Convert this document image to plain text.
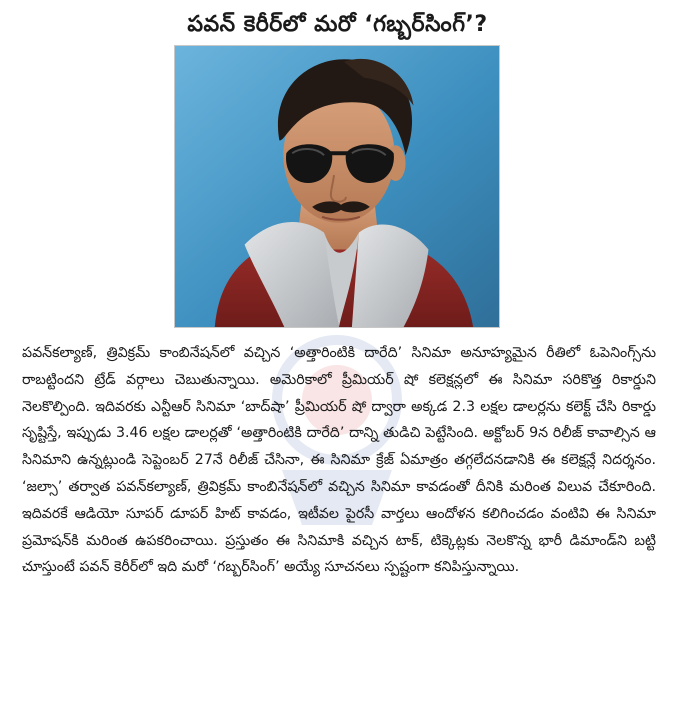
పవన్ కెరీర్‌లో మరో ‘గబ్బర్‌సింగ్’?

పవన్‌కల్యాణ్, త్రివిక్రమ్ కాంబినేషన్‌లో వచ్చిన ‘అత్తారింటికి దారేది’ సినిమా అనూహ్యమైన రీతిలో ఓపెనింగ్స్‌ను రాబట్టిందని ట్రేడ్ వర్గాలు చెబుతున్నాయి. అమెరికాలో ప్రీమియర్ షో కలెక్షన్లలో ఈ సినిమా సరికొత్త రికార్డుని నెలకొల్పింది. ఇదివరకు ఎన్టీఆర్ సినిమా ‘బాద్‌షా’ ప్రీమియర్ షో ద్వారా అక్కడ 2.3 లక్షల డాలర్లను కలెక్ట్ చేసి రికార్డు సృష్టిస్తే, ఇప్పుడు 3.46 లక్షల డాలర్లతో ‘అత్తారింటికి దారేది’ దాన్ని తుడిచి పెట్టేసింది. అక్టోబర్ 9న రిలీజ్ కావాల్సిన ఆ సినిమాని ఉన్నట్లుండి సెప్టెంబర్ 27నే రిలీజ్ చేసినా, ఈ సినిమా క్రేజ్ ఏమాత్రం తగ్గలేదనడానికి ఈ కలెక్షన్లే నిదర్శనం. ‘జల్సా’ తర్వాత పవన్‌కల్యాణ్, త్రివిక్రమ్ కాంబినేషన్‌లో వచ్చిన సినిమా కావడంతో దీనికి మరింత విలువ చేకూరింది. ఇదివరకే ఆడియో సూపర్ డూపర్ హిట్ కావడం, ఇటీవల పైరసీ వార్తలు ఆందోళన కలిగించడం వంటివి ఈ సినిమా ప్రమోషన్‌కి మరింత ఉపకరించాయి. ప్రస్తుతం ఈ సినిమాకి వచ్చిన టాక్, టిక్కెట్లకు నెలకొన్న భారీ డిమాండ్‌ని బట్టి చూస్తుంటే పవన్ కెరీర్‌లో ఇది మరో ‘గబ్బర్‌సింగ్’ అయ్యే సూచనలు స్పష్టంగా కనిపిస్తున్నాయి.
